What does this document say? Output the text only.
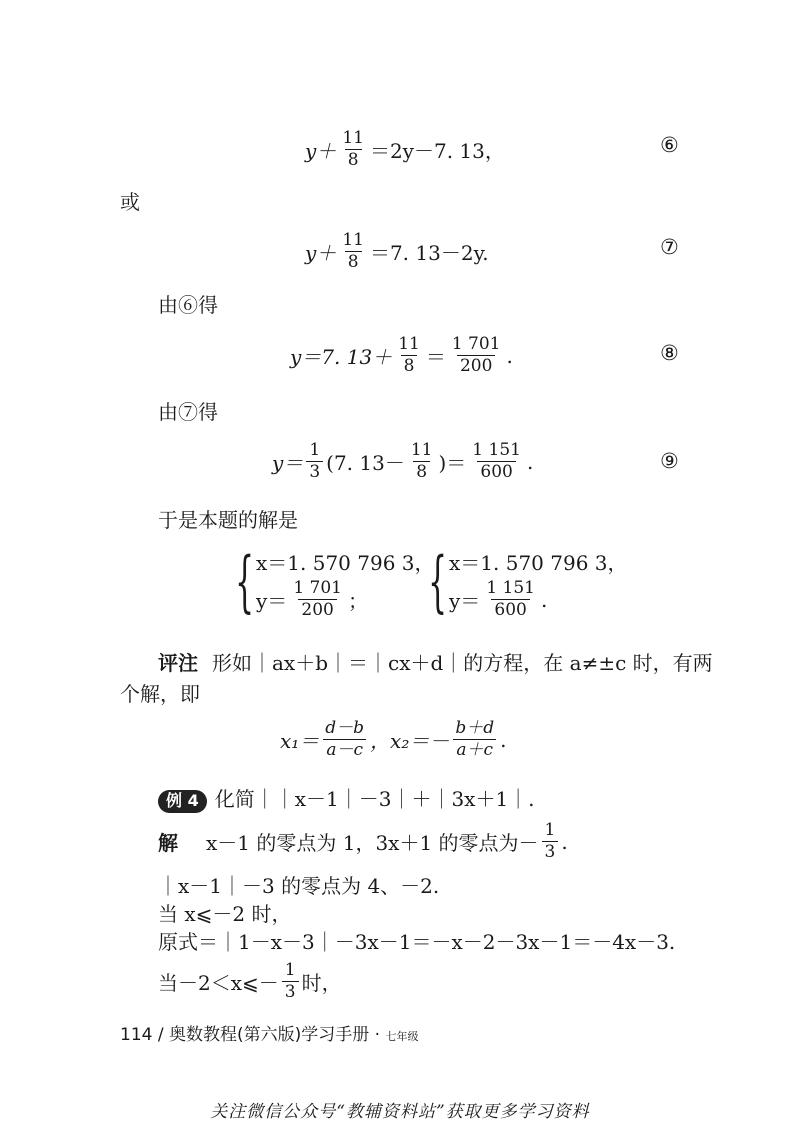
$y+ \frac{11}{8} =2y-7$. 13，	⑥
或
$y+ \frac{11}{8} =7$. 13－2y.	⑦
由⑥得
y＝7. $13+ \frac{11}{8} = \frac{1 701}{200}$ .	⑧
由⑦得
$y= \frac{1}{3} (7$. $13- \frac{11}{8}$ )＝ $\frac{1 151}{600}$ .	⑨
于是本题的解是
{ x＝1. 570 796 3，
$y= \frac{1 701}{200}$ ； { x＝1. 570 796 3，
$y= \frac{1 151}{600}$ .
评注 形如｜ax＋b｜＝｜cx＋d｜的方程，在 a≠±c 时，有两
个解，即
$x_1= \frac{d-b}{a-c}$ ，$x_2=- \frac{b+d}{a+c}$ .
例 4 化简｜｜x－1｜－3｜＋｜3x＋1｜.
解 x－1 的零点为 1，3x＋1 的零点为－ $\frac{1}{3}$ .
｜x－1｜－3 的零点为 4、－2.
当 x⩽－2 时，
原式＝｜1－x－3｜－3x－1＝－x－2－3x－1＝－4x－3.
当－2＜x⩽－ $\frac{1}{3}$ 时，
114 / 奥数教程(第六版)学习手册 · 七年级
关注微信公众号“教辅资料站”获取更多学习资料
